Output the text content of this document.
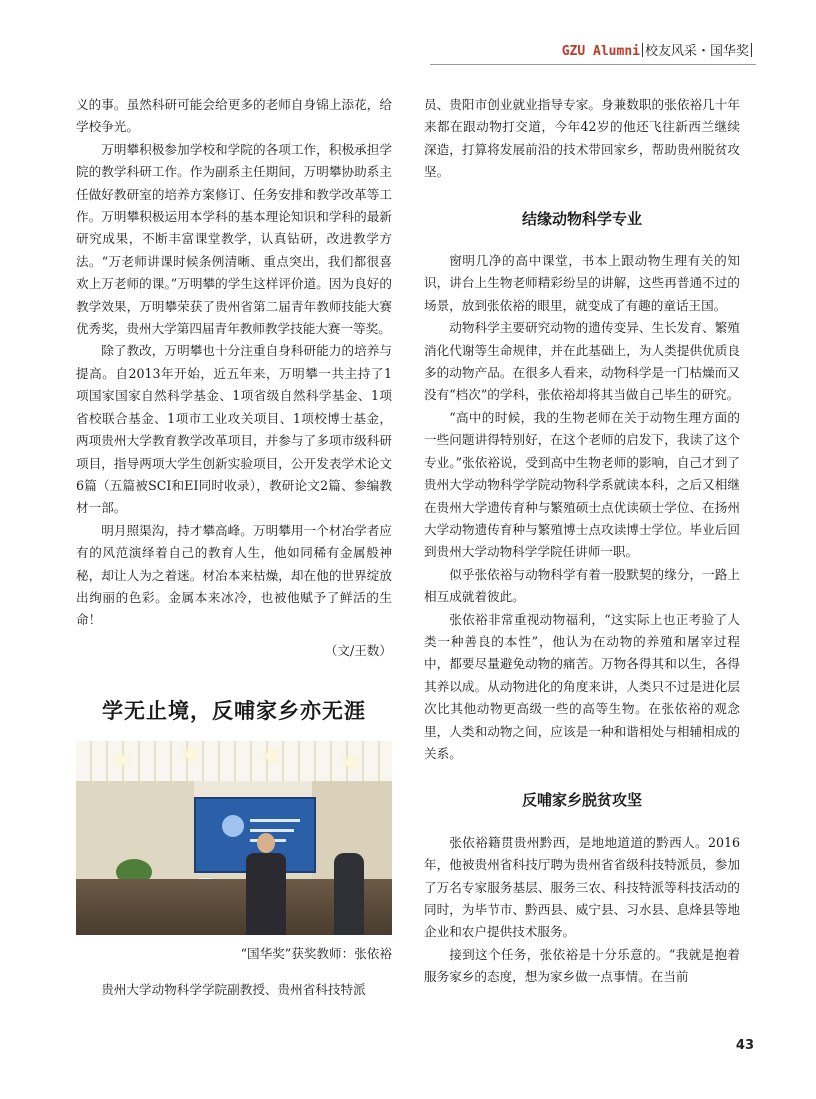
GZU Alumni 校友风采・国华奖

义的事。虽然科研可能会给更多的老师自身锦上添花，给学校争光。

万明攀积极参加学校和学院的各项工作，积极承担学院的教学科研工作。作为副系主任期间，万明攀协助系主任做好教研室的培养方案修订、任务安排和教学改革等工作。万明攀积极运用本学科的基本理论知识和学科的最新研究成果，不断丰富课堂教学，认真钻研，改进教学方法。“万老师讲课时候条例清晰、重点突出，我们都很喜欢上万老师的课。”万明攀的学生这样评价道。因为良好的教学效果，万明攀荣获了贵州省第二届青年教师技能大赛优秀奖，贵州大学第四届青年教师教学技能大赛一等奖。

除了教改，万明攀也十分注重自身科研能力的培养与提高。自2013年开始，近五年来，万明攀一共主持了1项国家国家自然科学基金、1项省级自然科学基金、1项省校联合基金、1项市工业攻关项目、1项校博士基金，两项贵州大学教育教学改革项目，并参与了多项市级科研项目，指导两项大学生创新实验项目，公开发表学术论文6篇（五篇被SCI和EI同时收录），教研论文2篇、参编教材一部。

明月照渠沟，持才攀高峰。万明攀用一个材冶学者应有的风范演绎着自己的教育人生，他如同稀有金属般神秘，却让人为之着迷。材冶本来枯燥，却在他的世界绽放出绚丽的色彩。金属本来冰冷，也被他赋予了鲜活的生命！

（文/王数）

学无止境，反哺家乡亦无涯

“国华奖”获奖教师：张依裕

贵州大学动物科学学院副教授、贵州省科技特派

员、贵阳市创业就业指导专家。身兼数职的张依裕几十年来都在跟动物打交道，今年42岁的他还飞往新西兰继续深造，打算将发展前沿的技术带回家乡，帮助贵州脱贫攻坚。

结缘动物科学专业

窗明几净的高中课堂，书本上跟动物生理有关的知识，讲台上生物老师精彩纷呈的讲解，这些再普通不过的场景，放到张依裕的眼里，就变成了有趣的童话王国。

动物科学主要研究动物的遗传变异、生长发育、繁殖消化代谢等生命规律，并在此基础上，为人类提供优质良多的动物产品。在很多人看来，动物科学是一门枯燥而又没有“档次”的学科，张依裕却将其当做自己毕生的研究。

“高中的时候，我的生物老师在关于动物生理方面的一些问题讲得特别好，在这个老师的启发下，我读了这个专业。”张依裕说，受到高中生物老师的影响，自己才到了贵州大学动物科学学院动物科学系就读本科，之后又相继在贵州大学遗传育种与繁殖硕士点优读硕士学位、在扬州大学动物遗传育种与繁殖博士点攻读博士学位。毕业后回到贵州大学动物科学学院任讲师一职。

似乎张依裕与动物科学有着一股默契的缘分，一路上相互成就着彼此。

张依裕非常重视动物福利，“这实际上也正考验了人类一种善良的本性”，他认为在动物的养殖和屠宰过程中，都要尽量避免动物的痛苦。万物各得其和以生，各得其养以成。从动物进化的角度来讲，人类只不过是进化层次比其他动物更高级一些的高等生物。在张依裕的观念里，人类和动物之间，应该是一种和谐相处与相辅相成的关系。

反哺家乡脱贫攻坚

张依裕籍贯贵州黔西，是地地道道的黔西人。2016年，他被贵州省科技厅聘为贵州省省级科技特派员，参加了万名专家服务基层、服务三农、科技特派等科技活动的同时，为毕节市、黔西县、威宁县、习水县、息烽县等地企业和农户提供技术服务。

接到这个任务，张依裕是十分乐意的。“我就是抱着服务家乡的态度，想为家乡做一点事情。在当前

43
